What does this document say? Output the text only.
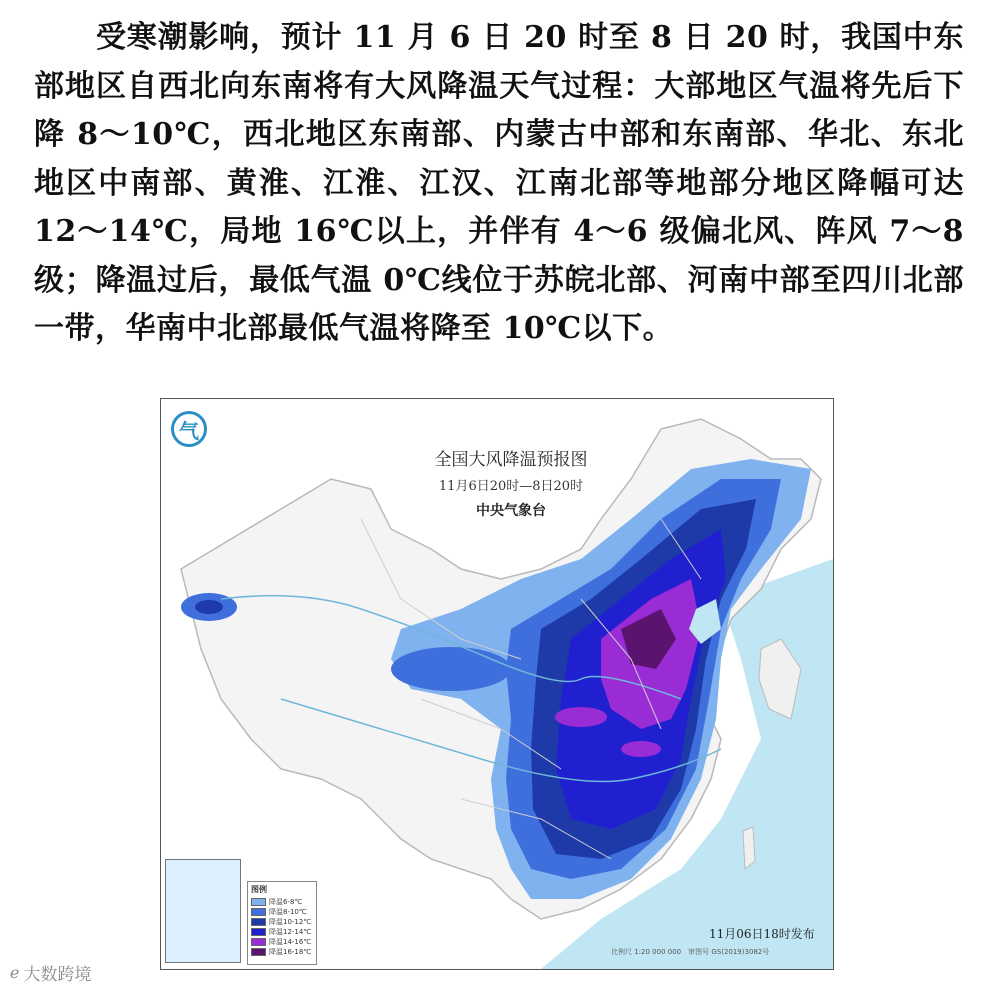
受寒潮影响，预计 11 月 6 日 20 时至 8 日 20 时，我国中东部地区自西北向东南将有大风降温天气过程：大部地区气温将先后下降 8～10℃，西北地区东南部、内蒙古中部和东南部、华北、东北地区中南部、黄淮、江淮、江汉、江南北部等地部分地区降幅可达 12～14℃，局地 16℃以上，并伴有 4～6 级偏北风、阵风 7～8 级；降温过后，最低气温 0℃线位于苏皖北部、河南中部至四川北部一带，华南中北部最低气温将降至 10℃以下。
气
全国大风降温预报图
11月6日20时—8日20时
中央气象台
图例
降温6-8℃
降温8-10℃
降温10-12℃
降温12-14℃
降温14-16℃
降温16-18℃
11月06日18时发布
比例尺 1:20 000 000　审图号 GS(2019)3082号
ℯ 大数跨境
